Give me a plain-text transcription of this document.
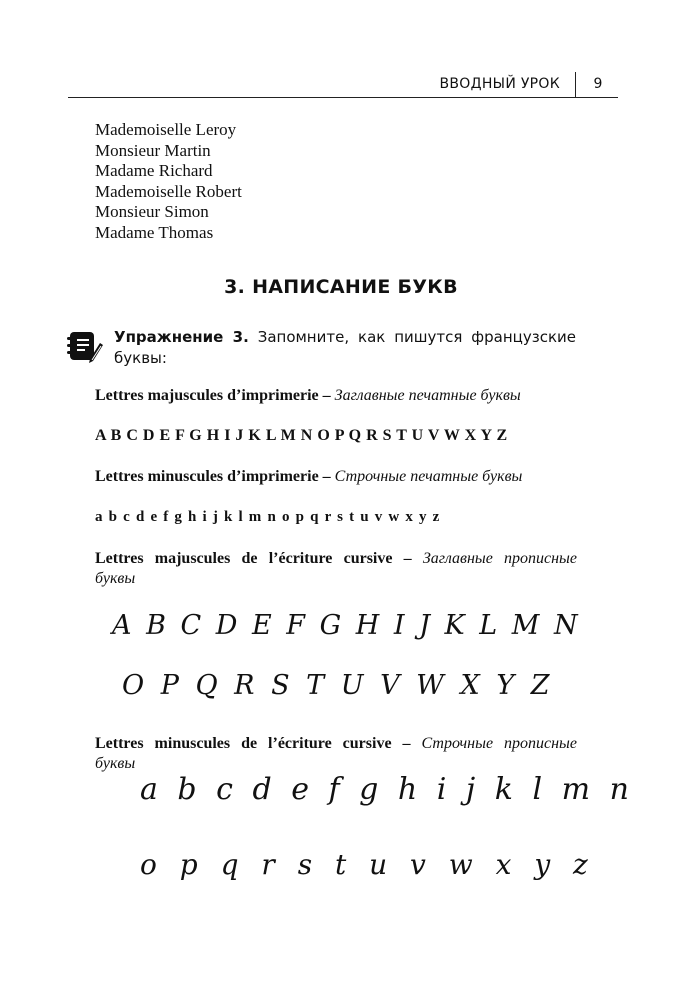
ВВОДНЫЙ УРОК	9
Mademoiselle Leroy
Monsieur Martin
Madame Richard
Mademoiselle Robert
Monsieur Simon
Madame Thomas
3. НАПИСАНИЕ БУКВ

Упражнение 3. Запомните, как пишутся французские буквы:

Lettres majuscules d’imprimerie – Заглавные печатные буквы

A B C D E F G H I J K L M N O P Q R S T U V W X Y Z

Lettres minuscules d’imprimerie – Строчные печатные буквы

a b c d e f g h i j k l m n o p q r s t u v w x y z

Lettres majuscules de l’écriture cursive – Заглавные прописные

буквы

A B C D E F G H I J K L M N

O P Q R S T U V W X Y Z

Lettres minuscules de l’écriture cursive – Строчные прописные

буквы

a b c d e f g h i j k l m n

o p q r s t u v w x y z
